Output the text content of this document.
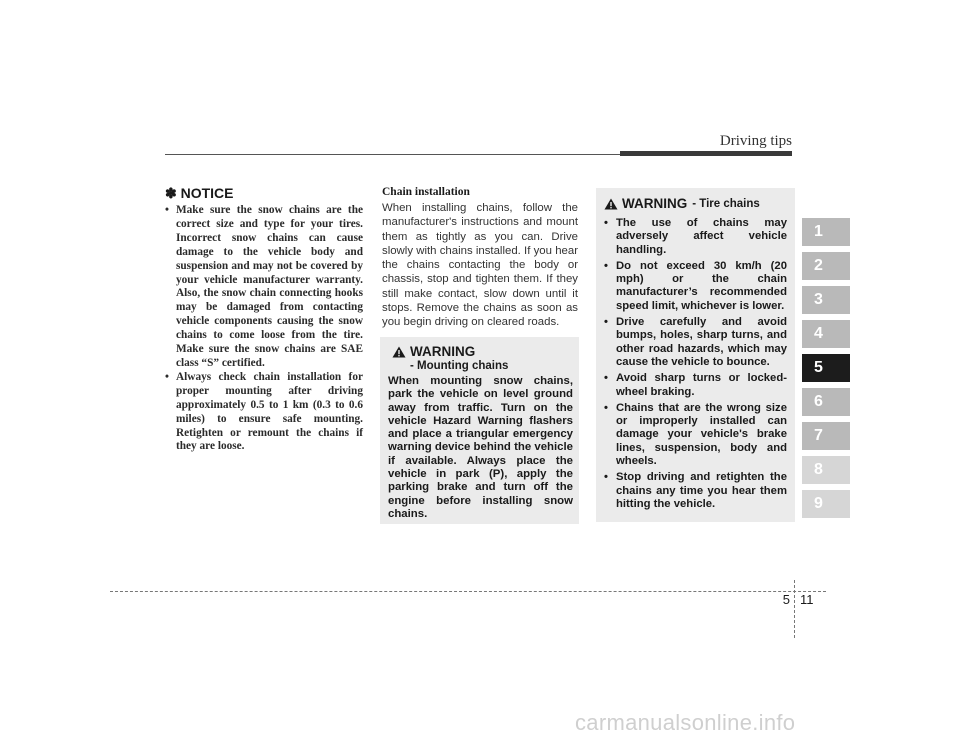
Driving tips
1
2
3
4
5
6
7
8
9
✽ NOTICE
• Make sure the snow chains are the correct size and type for your tires. Incorrect snow chains can cause damage to the vehicle body and suspension and may not be covered by your vehicle manufacturer warranty. Also, the snow chain connecting hooks may be damaged from contacting vehicle components causing the snow chains to come loose from the tire. Make sure the snow chains are SAE class “S” certified.
• Always check chain installation for proper mounting after driving approximately 0.5 to 1 km (0.3 to 0.6 miles) to ensure safe mounting. Retighten or remount the chains if they are loose.
Chain installation
When installing chains, follow the manufacturer's instructions and mount them as tightly as you can. Drive slowly with chains installed. If you hear the chains contacting the body or chassis, stop and tighten them. If they still make contact, slow down until it stops. Remove the chains as soon as you begin driving on cleared roads.
WARNING
- Mounting chains
When mounting snow chains, park the vehicle on level ground away from traffic. Turn on the vehicle Hazard Warning flashers and place a triangular emergency warning device behind the vehicle if available. Always place the vehicle in park (P), apply the parking brake and turn off the engine before installing snow chains.
WARNING - Tire chains
• The use of chains may adversely affect vehicle handling.
• Do not exceed 30 km/h (20 mph) or the chain manufacturer’s recommended speed limit, whichever is lower.
• Drive carefully and avoid bumps, holes, sharp turns, and other road hazards, which may cause the vehicle to bounce.
• Avoid sharp turns or locked-wheel braking.
• Chains that are the wrong size or improperly installed can damage your vehicle's brake lines, suspension, body and wheels.
• Stop driving and retighten the chains any time you hear them hitting the vehicle.
5 11
carmanualsonline.info
